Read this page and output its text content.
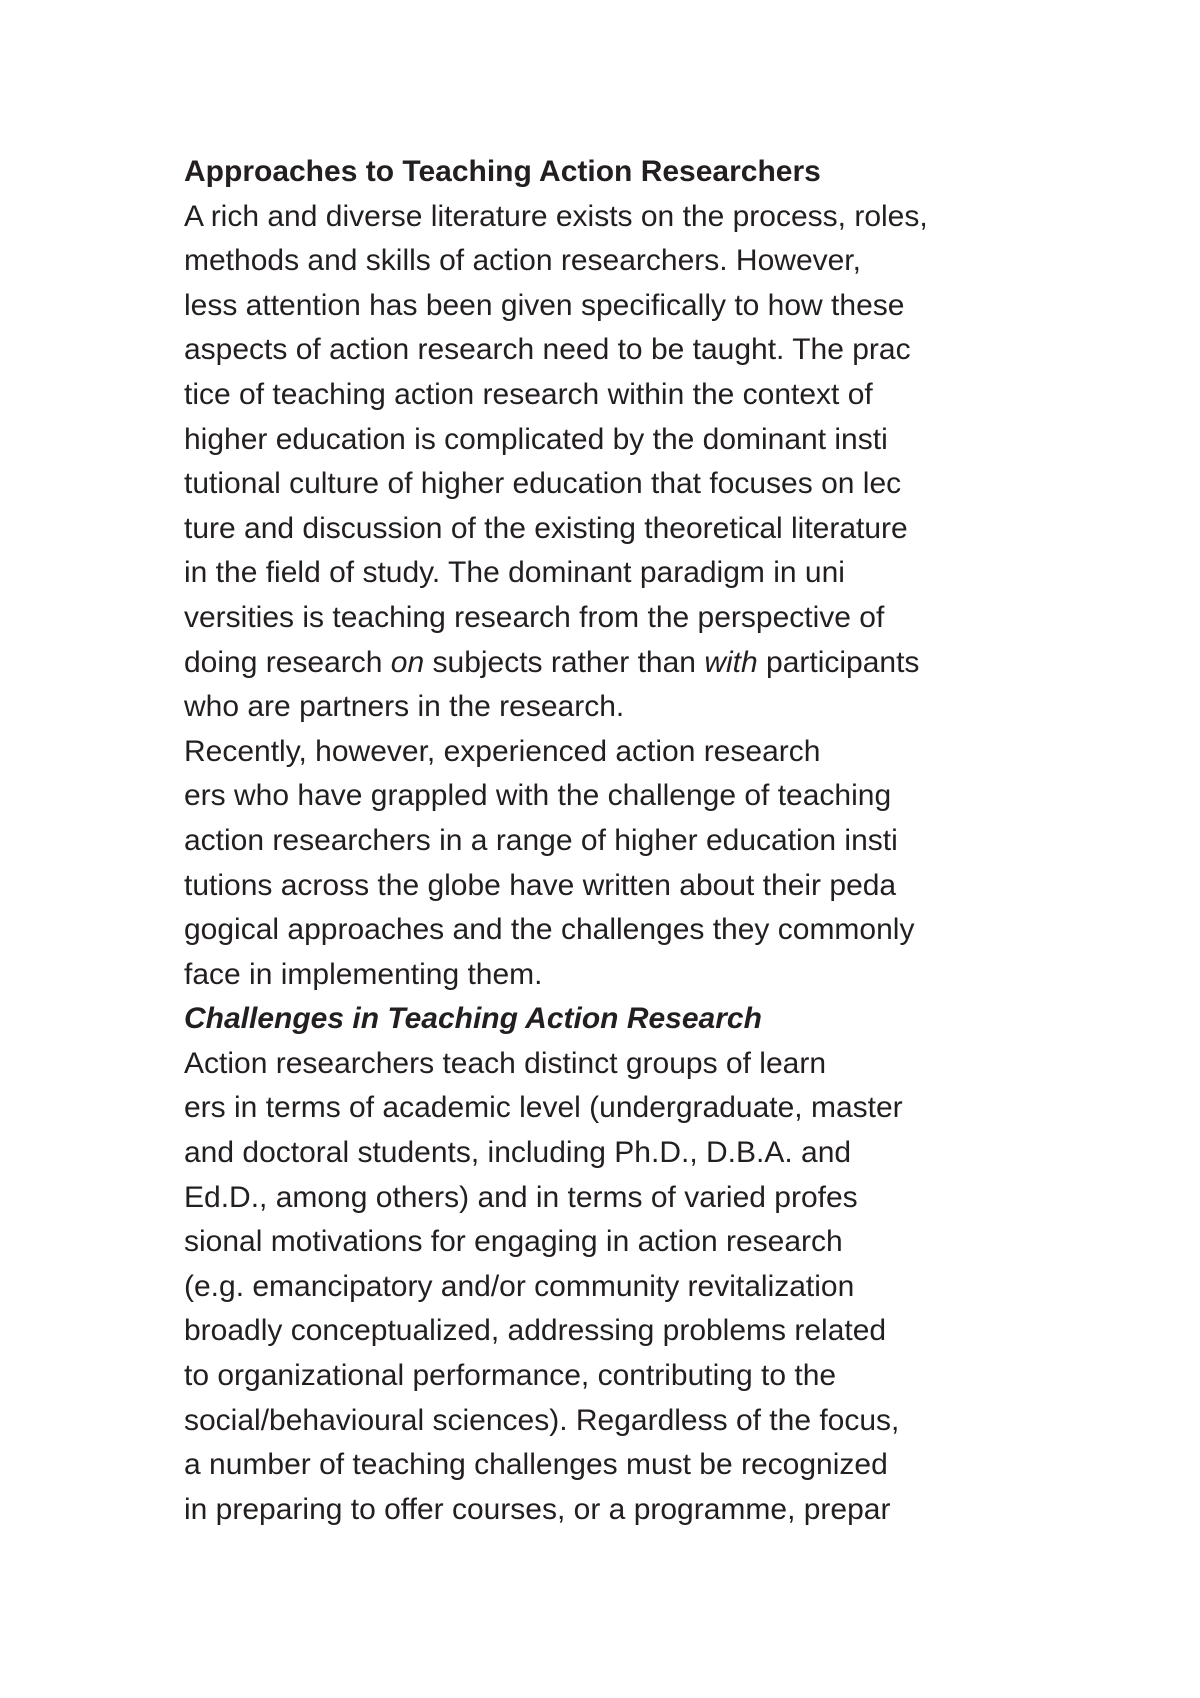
Approaches to Teaching Action Researchers
A rich and diverse literature exists on the process, roles,
methods and skills of action researchers. However,
less attention has been given specifically to how these
aspects of action research need to be taught. The prac
tice of teaching action research within the context of
higher education is complicated by the dominant insti
tutional culture of higher education that focuses on lec
ture and discussion of the existing theoretical literature
in the field of study. The dominant paradigm in uni
versities is teaching research from the perspective of
doing research on subjects rather than with participants
who are partners in the research.
Recently, however, experienced action research
ers who have grappled with the challenge of teaching
action researchers in a range of higher education insti
tutions across the globe have written about their peda
gogical approaches and the challenges they commonly
face in implementing them.
Challenges in Teaching Action Research
Action researchers teach distinct groups of learn
ers in terms of academic level (undergraduate, master
and doctoral students, including Ph.D., D.B.A. and
Ed.D., among others) and in terms of varied profes
sional motivations for engaging in action research
(e.g. emancipatory and/or community revitalization
broadly conceptualized, addressing problems related
to organizational performance, contributing to the
social/behavioural sciences). Regardless of the focus,
a number of teaching challenges must be recognized
in preparing to offer courses, or a programme, prepar
